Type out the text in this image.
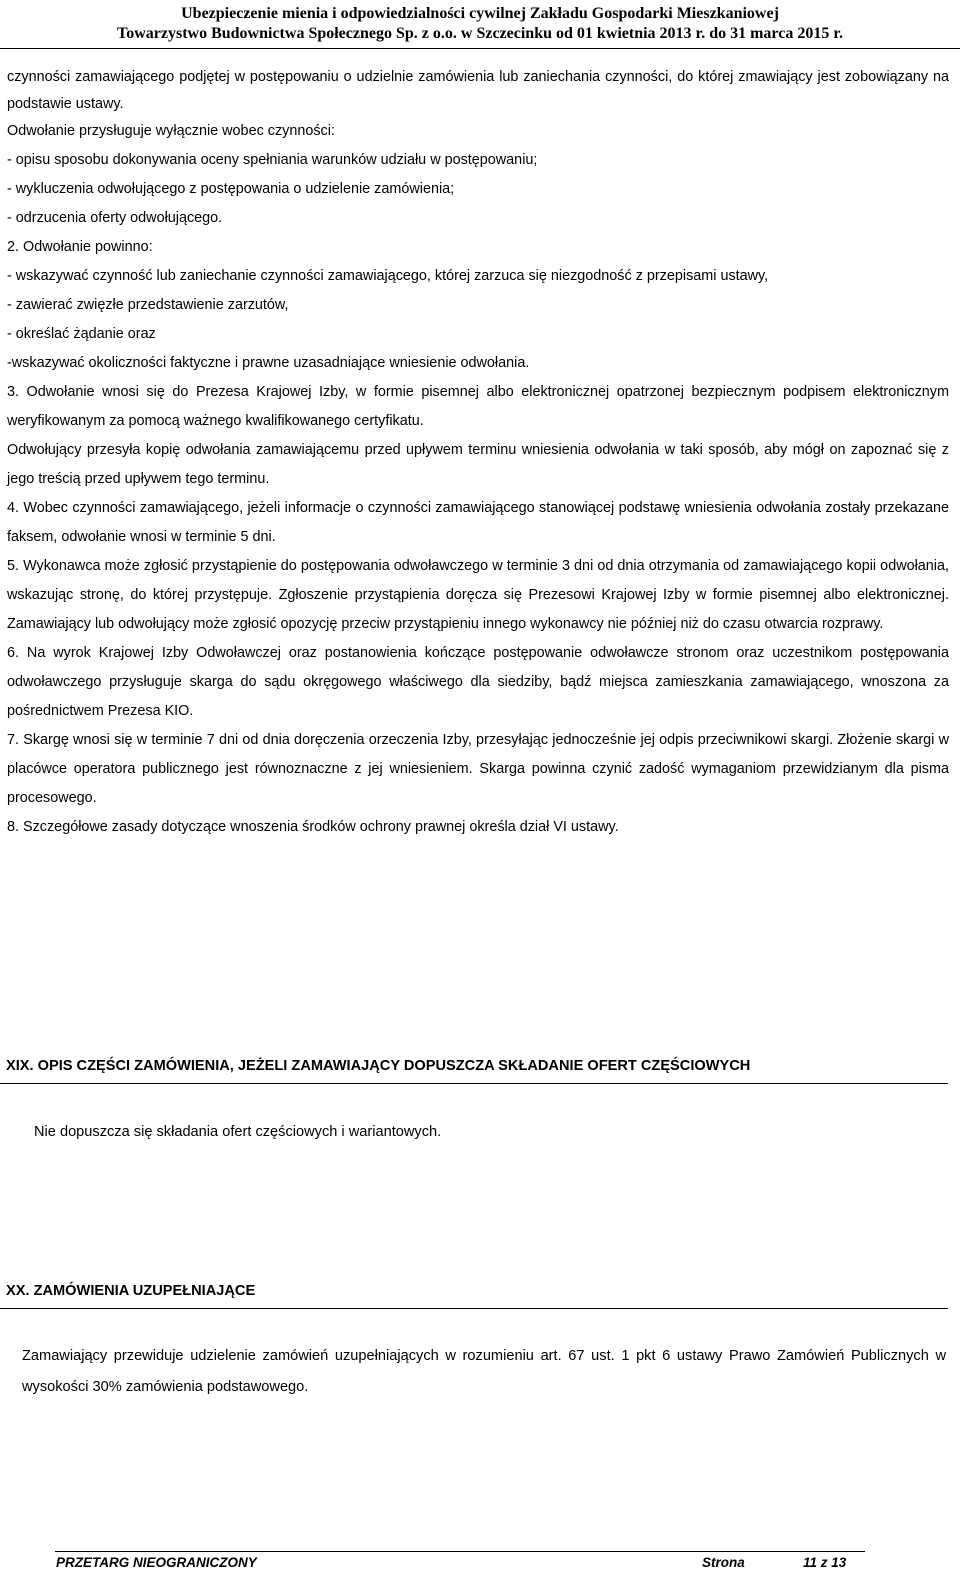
Ubezpieczenie mienia i odpowiedzialności cywilnej Zakładu Gospodarki Mieszkaniowej
Towarzystwo Budownictwa Społecznego Sp. z o.o. w Szczecinku od 01 kwietnia 2013 r. do 31 marca 2015 r.

czynności zamawiającego podjętej w postępowaniu o udzielnie zamówienia lub zaniechania czynności, do której zmawiający jest zobowiązany na podstawie ustawy.

Odwołanie przysługuje wyłącznie wobec czynności:

- opisu sposobu dokonywania oceny spełniania warunków udziału w postępowaniu;

- wykluczenia odwołującego z postępowania o udzielenie zamówienia;

- odrzucenia oferty odwołującego.

2. Odwołanie powinno:

- wskazywać czynność lub zaniechanie czynności zamawiającego, której zarzuca się niezgodność z przepisami ustawy,

- zawierać zwięzłe przedstawienie zarzutów,

- określać żądanie oraz

-wskazywać okoliczności faktyczne i prawne uzasadniające wniesienie odwołania.

3. Odwołanie wnosi się do Prezesa Krajowej Izby, w formie pisemnej albo elektronicznej opatrzonej bezpiecznym podpisem elektronicznym weryfikowanym za pomocą ważnego kwalifikowanego certyfikatu.

Odwołujący przesyła kopię odwołania zamawiającemu przed upływem terminu wniesienia odwołania w taki sposób, aby mógł on zapoznać się z jego treścią przed upływem tego terminu.

4. Wobec czynności zamawiającego, jeżeli informacje o czynności zamawiającego stanowiącej podstawę wniesienia odwołania zostały przekazane faksem, odwołanie wnosi w terminie 5 dni.

5. Wykonawca może zgłosić przystąpienie do postępowania odwoławczego w terminie 3 dni od dnia otrzymania od zamawiającego kopii odwołania, wskazując stronę, do której przystępuje. Zgłoszenie przystąpienia doręcza się Prezesowi Krajowej Izby w formie pisemnej albo elektronicznej. Zamawiający lub odwołujący może zgłosić opozycję przeciw przystąpieniu innego wykonawcy nie później niż do czasu otwarcia rozprawy.

6. Na wyrok Krajowej Izby Odwoławczej oraz postanowienia kończące postępowanie odwoławcze stronom oraz uczestnikom postępowania odwoławczego przysługuje skarga do sądu okręgowego właściwego dla siedziby, bądź miejsca zamieszkania zamawiającego, wnoszona za pośrednictwem Prezesa KIO.

7. Skargę wnosi się w terminie 7 dni od dnia doręczenia orzeczenia Izby, przesyłając jednocześnie jej odpis przeciwnikowi skargi. Złożenie skargi w placówce operatora publicznego jest równoznaczne z jej wniesieniem. Skarga powinna czynić zadość wymaganiom przewidzianym dla pisma procesowego.

8. Szczegółowe zasady dotyczące wnoszenia środków ochrony prawnej określa dział VI ustawy.

XIX. OPIS CZĘŚCI ZAMÓWIENIA, JEŻELI ZAMAWIAJĄCY DOPUSZCZA SKŁADANIE OFERT CZĘŚCIOWYCH
Nie dopuszcza się składania ofert częściowych i wariantowych.
XX. ZAMÓWIENIA UZUPEŁNIAJĄCE
Zamawiający przewiduje udzielenie zamówień uzupełniających w rozumieniu art. 67 ust. 1 pkt 6 ustawy Prawo Zamówień Publicznych w wysokości 30% zamówienia podstawowego.
PRZETARG NIEOGRANICZONY	Strona	11 z 13
